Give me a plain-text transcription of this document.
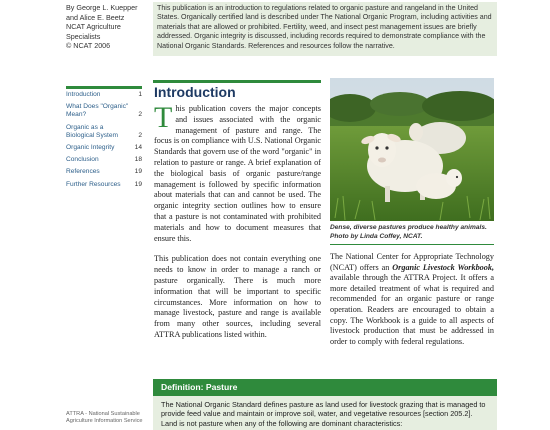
By George L. Kuepper
and Alice E. Beetz
NCAT Agriculture
Specialists
© NCAT 2006
This publication is an introduction to regulations related to organic pasture and rangeland in the United States. Organically certified land is described under The National Organic Program, including activities and materials that are allowed or prohibited. Fertility, weed, and insect pest management issues are briefly addressed. Organic integrity is discussed, including records required to demonstrate compliance with the National Organic Standards. References and resources follow the narrative.
Introduction	1
What Does "Organic" Mean?	2
Organic as a Biological System	2
Organic Integrity	14
Conclusion	18
References	19
Further Resources 19
Introduction

This publication covers the major concepts and issues associated with the organic management of pasture and range. The focus is on compliance with U.S. National Organic Standards that govern use of the word "organic" in relation to pasture or range. A brief explanation of the biological basis of organic pasture/range management is followed by specific information about materials that can and cannot be used. The organic integrity section outlines how to ensure that a pasture is not contaminated with prohibited materials and how to document measures that ensure this.

This publication does not contain everything one needs to know in order to manage a ranch or pasture organically. There is much more information that will be important to specific circumstances. More information on how to manage livestock, pasture and range is available from many other sources, including several ATTRA publications listed within.

Dense, diverse pastures produce healthy animals. Photo by Linda Coffey, NCAT.
The National Center for Appropriate Technology (NCAT) offers an Organic Livestock Workbook, available through the ATTRA Project. It offers a more detailed treatment of what is required and recommended for an organic pasture or range operation. Readers are encouraged to obtain a copy. The Workbook is a guide to all aspects of livestock production that must be addressed in order to comply with federal regulations.
Definition: Pasture
The National Organic Standard defines pasture as land used for livestock grazing that is managed to provide feed value and maintain or improve soil, water, and vegetative resources [section 205.2]. Land is not pasture when any of the following are dominant characteristics:
ATTRA - National Sustainable
Agriculture Information Service
